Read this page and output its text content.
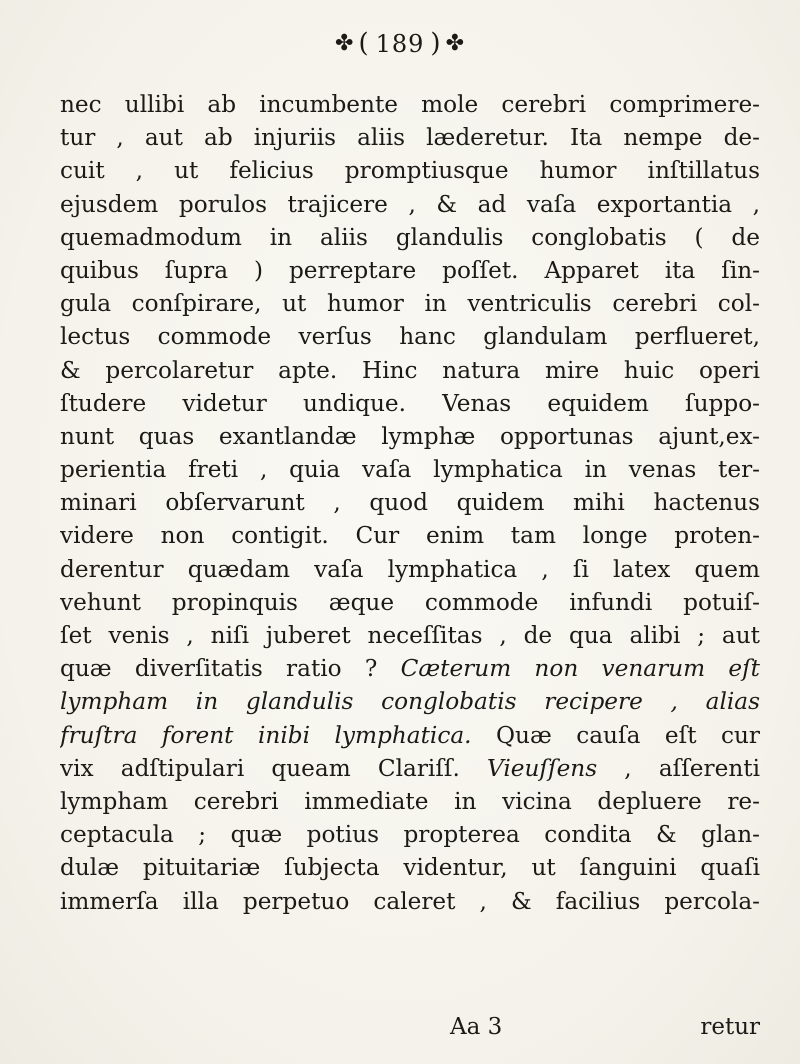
✤ ( 189 ) ✤
nec ullibi ab incumbente mole cerebri comprimere-
tur , aut ab injuriis aliis læderetur. Ita nempe de-
cuit , ut felicius promptiusque humor inſtillatus
ejusdem porulos trajicere , & ad vaſa exportantia ,
quemadmodum in aliis glandulis conglobatis ( de
quibus ſupra ) perreptare poſſet. Apparet ita ſin-
gula conſpirare, ut humor in ventriculis cerebri col-
lectus commode verſus hanc glandulam perflueret,
& percolaretur apte. Hinc natura mire huic operi
ſtudere videtur undique. Venas equidem ſuppo-
nunt quas exantlandæ lymphæ opportunas ajunt,ex-
perientia freti , quia vaſa lymphatica in venas ter-
minari obſervarunt , quod quidem mihi hactenus
videre non contigit. Cur enim tam longe proten-
derentur quædam vaſa lymphatica , ſi latex quem
vehunt propinquis æque commode infundi potuiſ-
ſet venis , niſi juberet neceſſitas , de qua alibi ; aut
quæ diverſitatis ratio ? Cæterum non venarum eſt
lympham in glandulis conglobatis recipere , alias
fruſtra forent inibi lymphatica. Quæ cauſa eſt cur
vix adſtipulari queam Clariſſ. Vieuſſens , aſſerenti
lympham cerebri immediate in vicina depluere re-
ceptacula ; quæ potius propterea condita & glan-
dulæ pituitariæ ſubjecta videntur, ut ſanguini quaſi
immerſa illa perpetuo caleret , & facilius percola-
Aa 3	retur
